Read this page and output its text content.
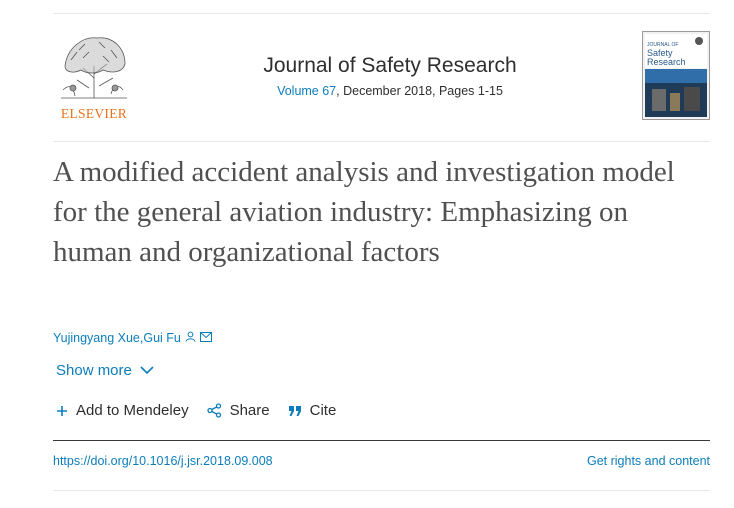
ELSEVIER
Journal of Safety Research
Volume 67, December 2018, Pages 1-15
JOURNAL OF
Safety
Research
A modified accident analysis and investigation model for the general aviation industry: Emphasizing on human and organizational factors
Yujingyang Xue , Gui Fu
Show more
Add to Mendeley	Share	Cite
https://doi.org/10.1016/j.jsr.2018.09.008	Get rights and content
